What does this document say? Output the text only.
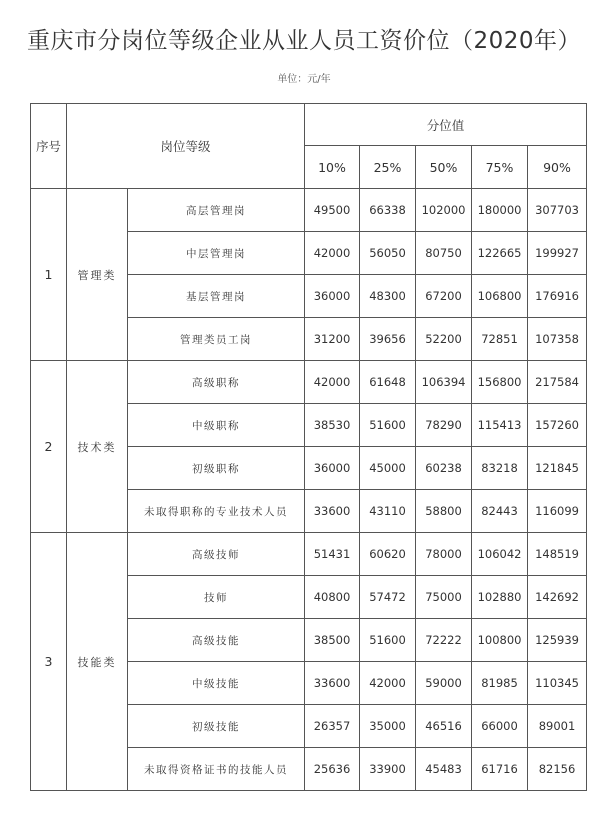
重庆市分岗位等级企业从业人员工资价位（2020年）
单位：元/年
序号	岗位等级		分位值				
			10%	25%	50%	75%	90%
1	管理类	高层管理岗	49500	66338	102000	180000	307703
		中层管理岗	42000	56050	80750	122665	199927
		基层管理岗	36000	48300	67200	106800	176916
		管理类员工岗	31200	39656	52200	72851	107358
2	技术类	高级职称	42000	61648	106394	156800	217584
		中级职称	38530	51600	78290	115413	157260
		初级职称	36000	45000	60238	83218	121845
		未取得职称的专业技术人员	33600	43110	58800	82443	116099
3	技能类	高级技师	51431	60620	78000	106042	148519
		技师	40800	57472	75000	102880	142692
		高级技能	38500	51600	72222	100800	125939
		中级技能	33600	42000	59000	81985	110345
		初级技能	26357	35000	46516	66000	89001
		未取得资格证书的技能人员	25636	33900	45483	61716	82156
